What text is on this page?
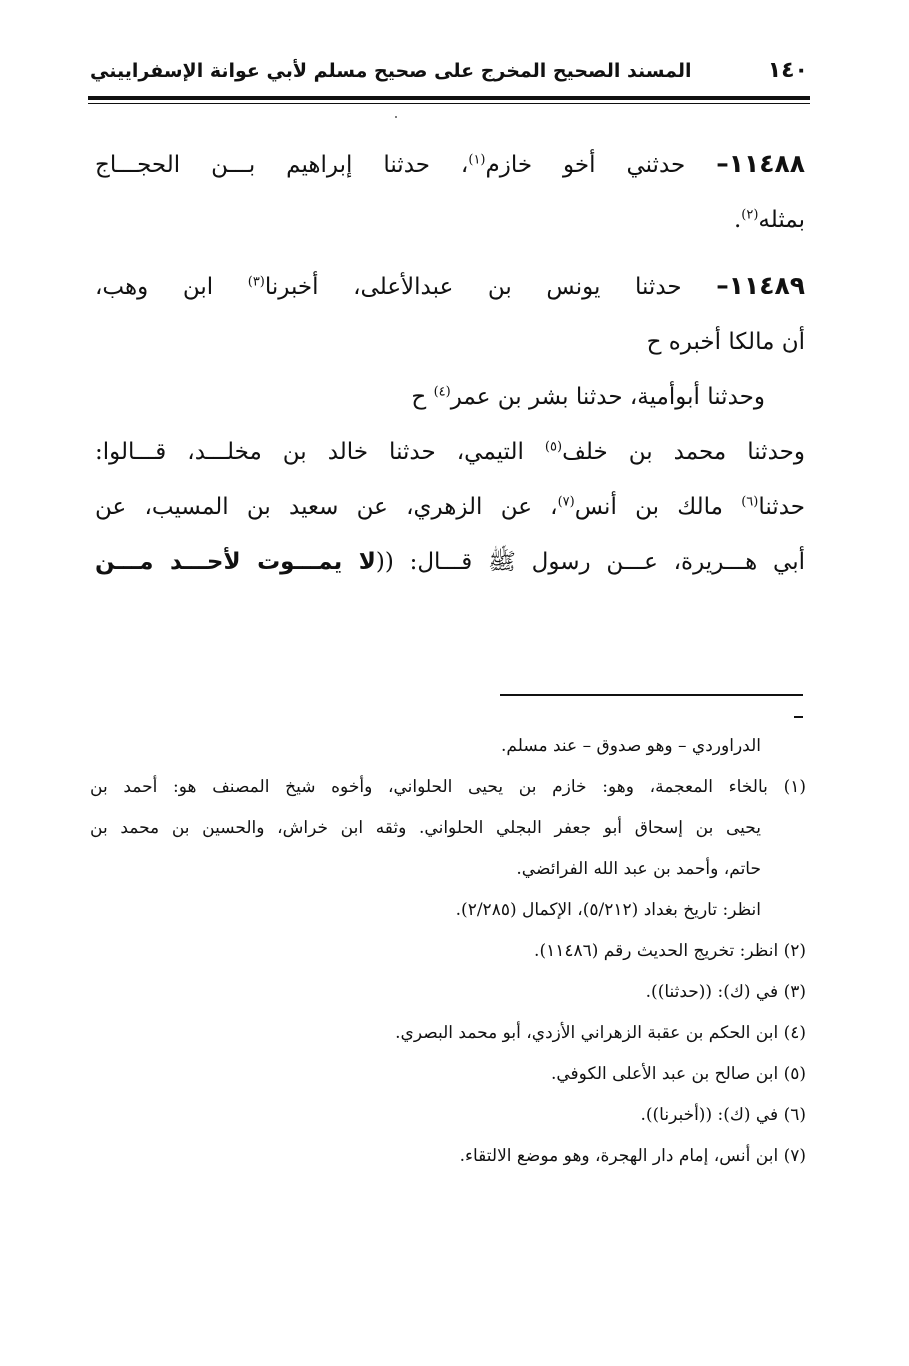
١٤٠
المسند الصحيح المخرج على صحيح مسلم لأبي عوانة الإسفراييني

١١٤٨٨– حدثني أخو خازم$^{(١)}$، حدثنا إبراهيم بـــن الحجـــاج

بمثله$^{(٢)}$.

١١٤٨٩– حدثنا يونس بن عبدالأعلى، أخبرنا$^{(٣)}$ ابن وهب،

أن مالكا أخبره ح

وحدثنا أبوأمية، حدثنا بشر بن عمر$^{(٤)}$ ح

وحدثنا محمد بن خلف$^{(٥)}$ التيمي، حدثنا خالد بن مخلـــد، قـــالوا:

حدثنا$^{(٦)}$ مالك بن أنس$^{(٧)}$، عن الزهري، عن سعيد بن المسيب، عن

أبي هـــريرة، عـــن رسول ﷺ قـــال: ((لا يمـــوت لأحـــد مـــن

الدراوردي – وهو صدوق – عند مسلم.

(١) بالخاء المعجمة، وهو: خازم بن يحيى الحلواني، وأخوه شيخ المصنف هو: أحمد بن

يحيى بن إسحاق أبو جعفر البجلي الحلواني. وثقه ابن خراش، والحسين بن محمد بن

حاتم، وأحمد بن عبد الله الفرائضي.

انظر: تاريخ بغداد (٥/٢١٢)، الإكمال (٢/٢٨٥).

(٢) انظر: تخريج الحديث رقم (١١٤٨٦).

(٣) في (ك): ((حدثنا)).

(٤) ابن الحكم بن عقبة الزهراني الأزدي، أبو محمد البصري.

(٥) ابن صالح بن عبد الأعلى الكوفي.

(٦) في (ك): ((أخبرنا)).

(٧) ابن أنس، إمام دار الهجرة، وهو موضع الالتقاء.
